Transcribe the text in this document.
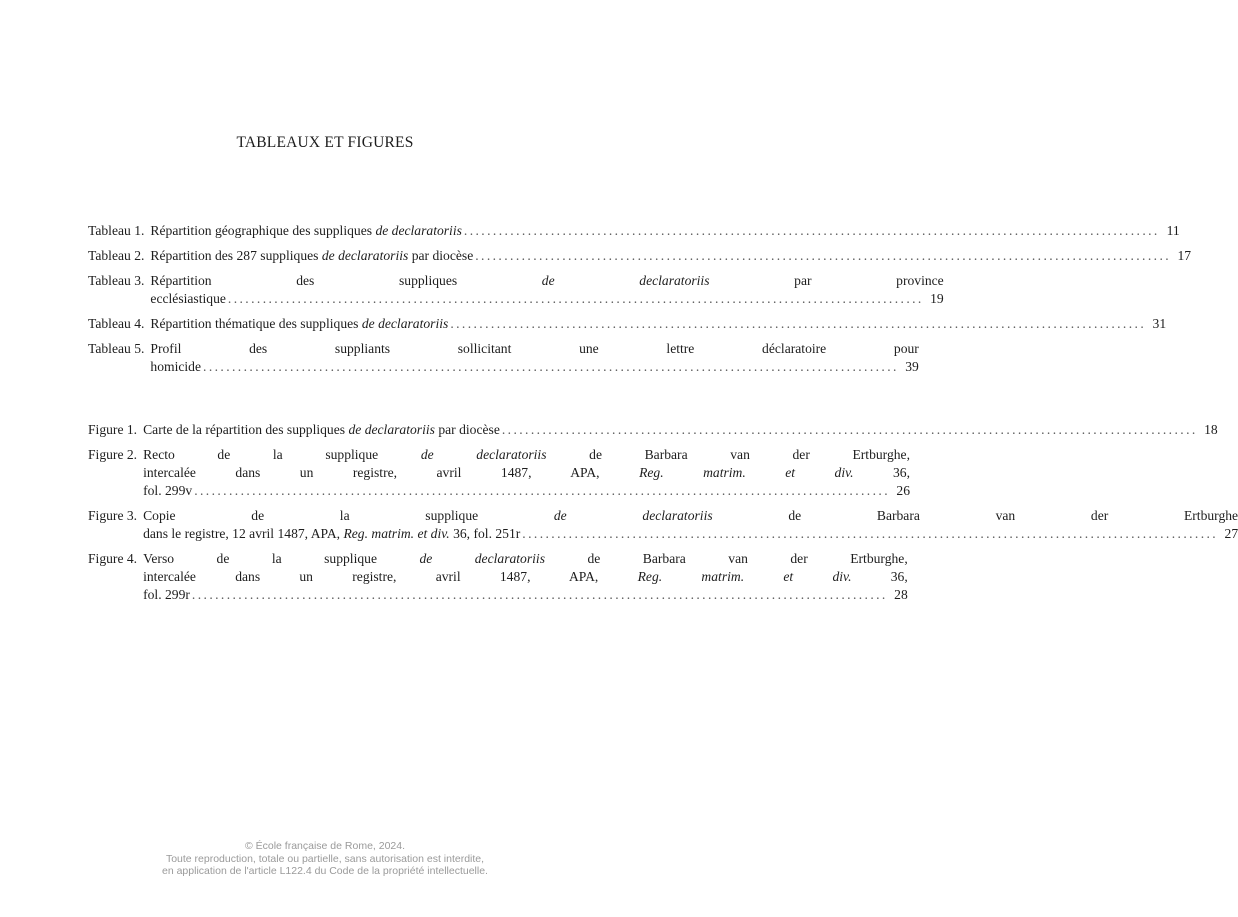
TABLEAUX ET FIGURES
Tableau 1. Répartition géographique des suppliques de declaratoriis ........................................................................................................................ 11
Tableau 2. Répartition des 287 suppliques de declaratoriis par diocèse ........................................................................................................................ 17
Tableau 3. Répartition des suppliques de declaratoriis par province
ecclésiastique ........................................................................................................................ 19
Tableau 4. Répartition thématique des suppliques de declaratoriis ........................................................................................................................ 31
Tableau 5. Profil des suppliants sollicitant une lettre déclaratoire pour
homicide ........................................................................................................................ 39
Figure 1. Carte de la répartition des suppliques de declaratoriis par diocèse ........................................................................................................................ 18
Figure 2. Recto de la supplique de declaratoriis de Barbara van der Ertburghe,
intercalée dans un registre, avril 1487, APA, Reg. matrim. et div. 36,
fol. 299v ........................................................................................................................ 26
Figure 3. Copie de la supplique de declaratoriis de Barbara van der Ertburghe
dans le registre, 12 avril 1487, APA, Reg. matrim. et div. 36, fol. 251r ........................................................................................................................ 27
Figure 4. Verso de la supplique de declaratoriis de Barbara van der Ertburghe,
intercalée dans un registre, avril 1487, APA, Reg. matrim. et div. 36,
fol. 299r ........................................................................................................................ 28
© École française de Rome, 2024.
Toute reproduction, totale ou partielle, sans autorisation est interdite,
en application de l'article L122.4 du Code de la propriété intellectuelle.
